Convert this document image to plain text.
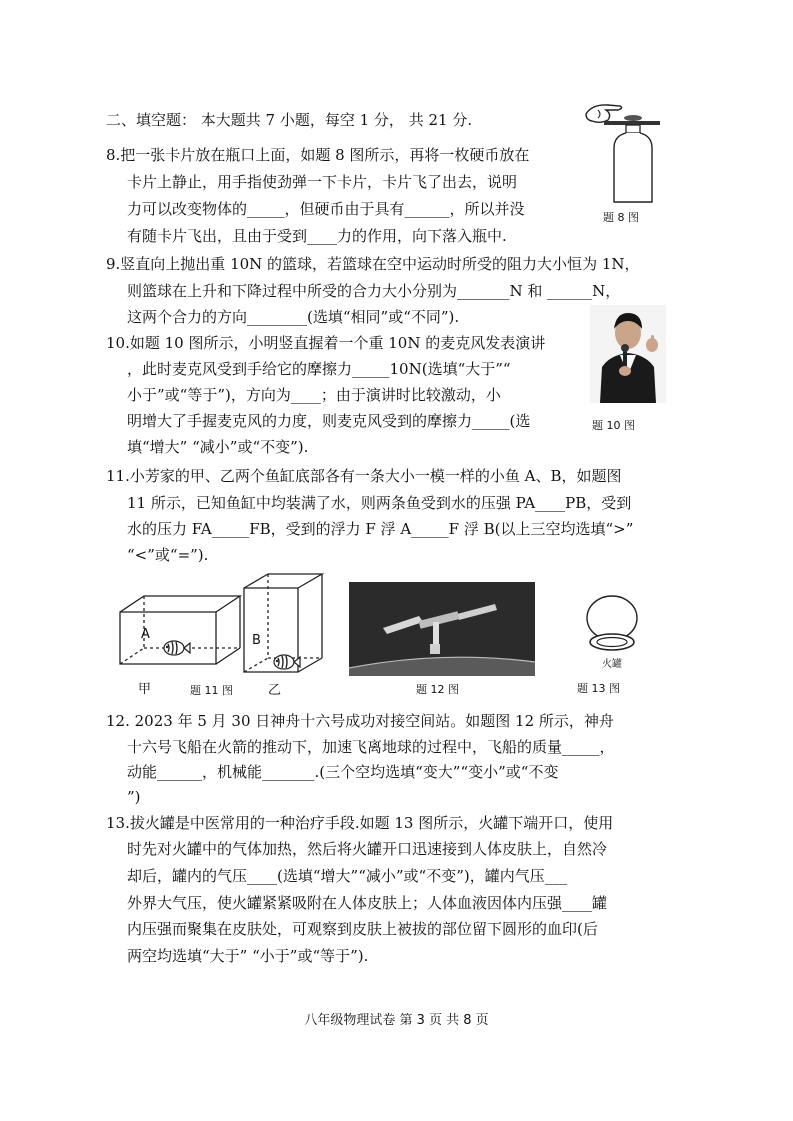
二、填空题： 本大题共 7 小题，每空 1 分， 共 21 分.
8.把一张卡片放在瓶口上面，如题 8 图所示，再将一枚硬币放在
卡片上静止，用手指使劲弹一下卡片，卡片飞了出去，说明
力可以改变物体的_____，但硬币由于具有______，所以并没
有随卡片飞出，且由于受到____力的作用，向下落入瓶中.
题 8 图
9.竖直向上抛出重 10N 的篮球，若篮球在空中运动时所受的阻力大小恒为 1N，
则篮球在上升和下降过程中所受的合力大小分别为_______N 和 ______N，
这两个合力的方向________(选填“相同”或“不同”).
10.如题 10 图所示，小明竖直握着一个重 10N 的麦克风发表演讲
，此时麦克风受到手给它的摩擦力_____10N(选填“大于”“
小于”或“等于”)，方向为____；由于演讲时比较激动，小
明增大了手握麦克风的力度，则麦克风受到的摩擦力_____(选
填“增大” “减小”或“不变”).
题 10 图
11.小芳家的甲、乙两个鱼缸底部各有一条大小一模一样的小鱼 A、B，如题图
11 所示，已知鱼缸中均装满了水，则两条鱼受到水的压强 PA____PB，受到
水的压力 FA_____FB，受到的浮力 F 浮 A_____F 浮 B(以上三空均选填“>”
“<”或“=”).
A	B
甲	乙
题 11 图	题 12 图
火罐
题 13 图
12. 2023 年 5 月 30 日神舟十六号成功对接空间站。如题图 12 所示，神舟
十六号飞船在火箭的推动下，加速飞离地球的过程中，飞船的质量_____，
动能______，机械能_______.(三个空均选填“变大”“变小”或“不变
”)
13.拔火罐是中医常用的一种治疗手段.如题 13 图所示，火罐下端开口，使用
时先对火罐中的气体加热，然后将火罐开口迅速接到人体皮肤上，自然冷
却后，罐内的气压____(选填“增大”“减小”或“不变”)，罐内气压___
外界大气压，使火罐紧紧吸附在人体皮肤上；人体血液因体内压强____罐
内压强而聚集在皮肤处，可观察到皮肤上被拔的部位留下圆形的血印(后
两空均选填“大于” “小于”或“等于”).
八年级物理试卷 第 3 页 共 8 页
